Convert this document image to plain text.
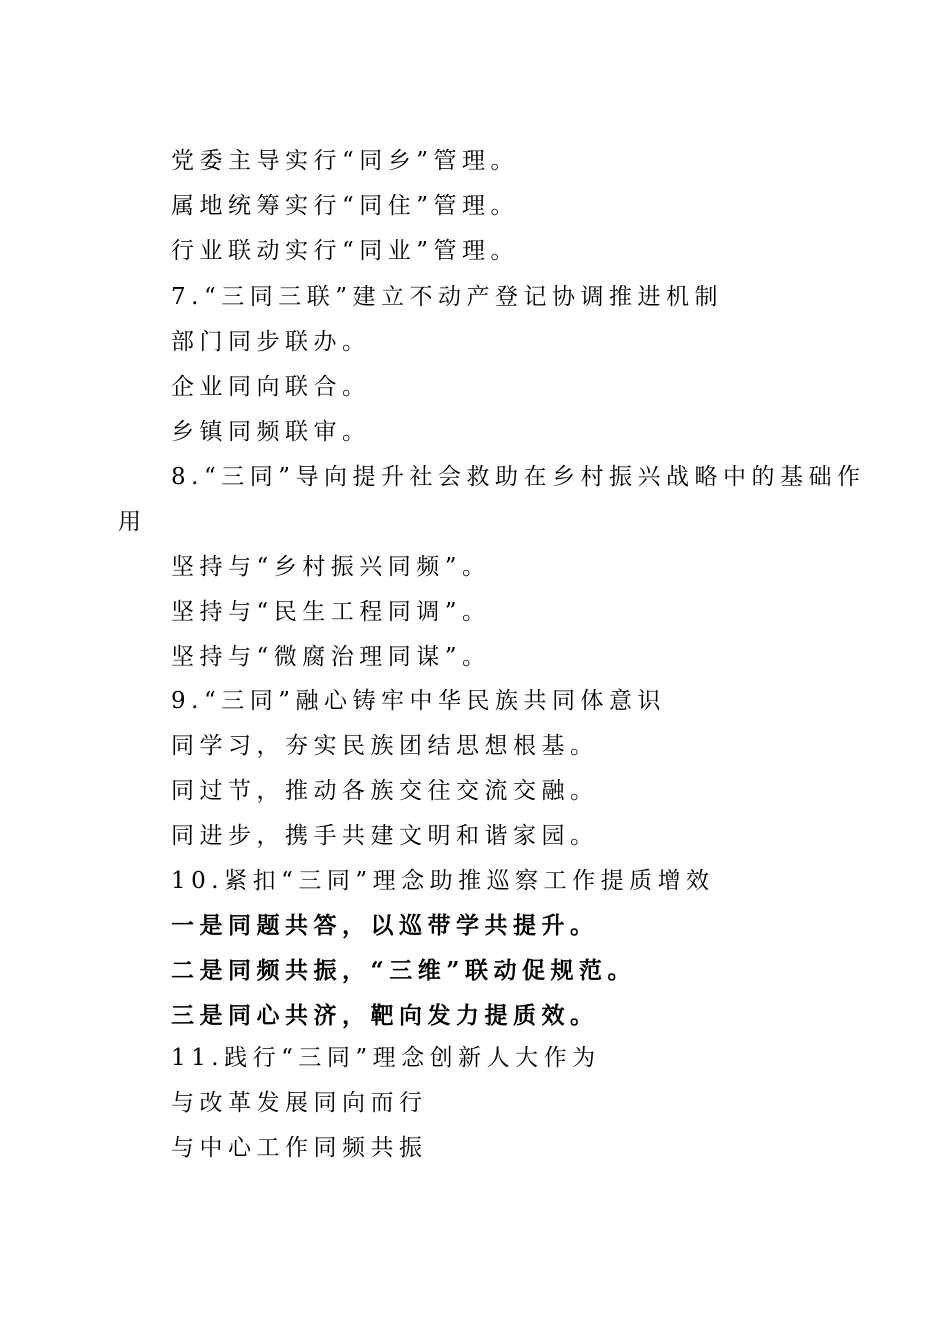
党委主导实行“同乡”管理。
属地统筹实行“同住”管理。
行业联动实行“同业”管理。
7.“三同三联”建立不动产登记协调推进机制
部门同步联办。
企业同向联合。
乡镇同频联审。
8.“三同”导向提升社会救助在乡村振兴战略中的基础作
用
坚持与“乡村振兴同频”。
坚持与“民生工程同调”。
坚持与“微腐治理同谋”。
9.“三同”融心铸牢中华民族共同体意识
同学习，夯实民族团结思想根基。
同过节，推动各族交往交流交融。
同进步，携手共建文明和谐家园。
10.紧扣“三同”理念助推巡察工作提质增效
一是同题共答，以巡带学共提升。
二是同频共振，“三维”联动促规范。
三是同心共济，靶向发力提质效。
11.践行“三同”理念创新人大作为
与改革发展同向而行
与中心工作同频共振
